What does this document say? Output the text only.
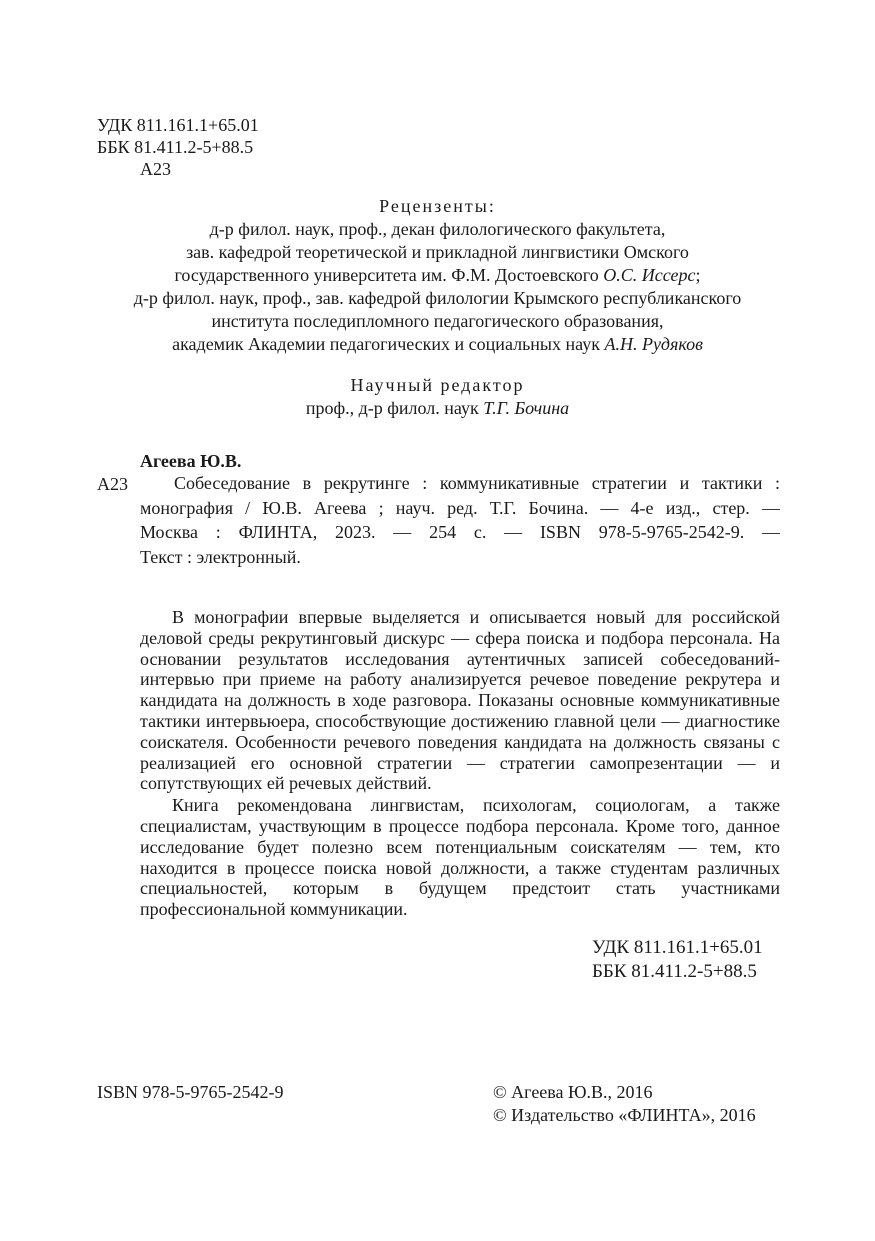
УДК 811.161.1+65.01
ББК 81.411.2-5+88.5
А23
Рецензенты:
д-р филол. наук, проф., декан филологического факультета,
зав. кафедрой теоретической и прикладной лингвистики Омского
государственного университета им. Ф.М. Достоевского О.С. Иссерс;
д-р филол. наук, проф., зав. кафедрой филологии Крымского республиканского
института последипломного педагогического образования,
академик Академии педагогических и социальных наук А.Н. Рудяков
Научный редактор
проф., д-р филол. наук Т.Г. Бочина
Агеева Ю.В.
А23	Собеседование в рекрутинге : коммуникативные стратегии и тактики :
монография / Ю.В. Агеева ; науч. ред. Т.Г. Бочина. — 4-е изд., стер. —
Москва : ФЛИНТА, 2023. — 254 с. — ISBN 978-5-9765-2542-9. —
Текст : электронный.

В монографии впервые выделяется и описывается новый для российской деловой среды рекрутинговый дискурс — сфера поиска и подбора персонала. На основании результатов исследования аутентичных записей собеседований-интервью при приеме на работу анализируется речевое поведение рекрутера и кандидата на должность в ходе разговора. Показаны основные коммуникативные тактики интервьюера, способствующие достижению главной цели — диагностике соискателя. Особенности речевого поведения кандидата на должность связаны с реализацией его основной стратегии — стратегии самопрезентации — и сопутствующих ей речевых действий.

Книга рекомендована лингвистам, психологам, социологам, а также специалистам, участвующим в процессе подбора персонала. Кроме того, данное исследование будет полезно всем потенциальным соискателям — тем, кто находится в процессе поиска новой должности, а также студентам различных специальностей, которым в будущем предстоит стать участниками профессиональной коммуникации.

УДК 811.161.1+65.01
ББК 81.411.2-5+88.5
ISBN 978-5-9765-2542-9	© Агеева Ю.В., 2016
© Издательство «ФЛИНТА», 2016
